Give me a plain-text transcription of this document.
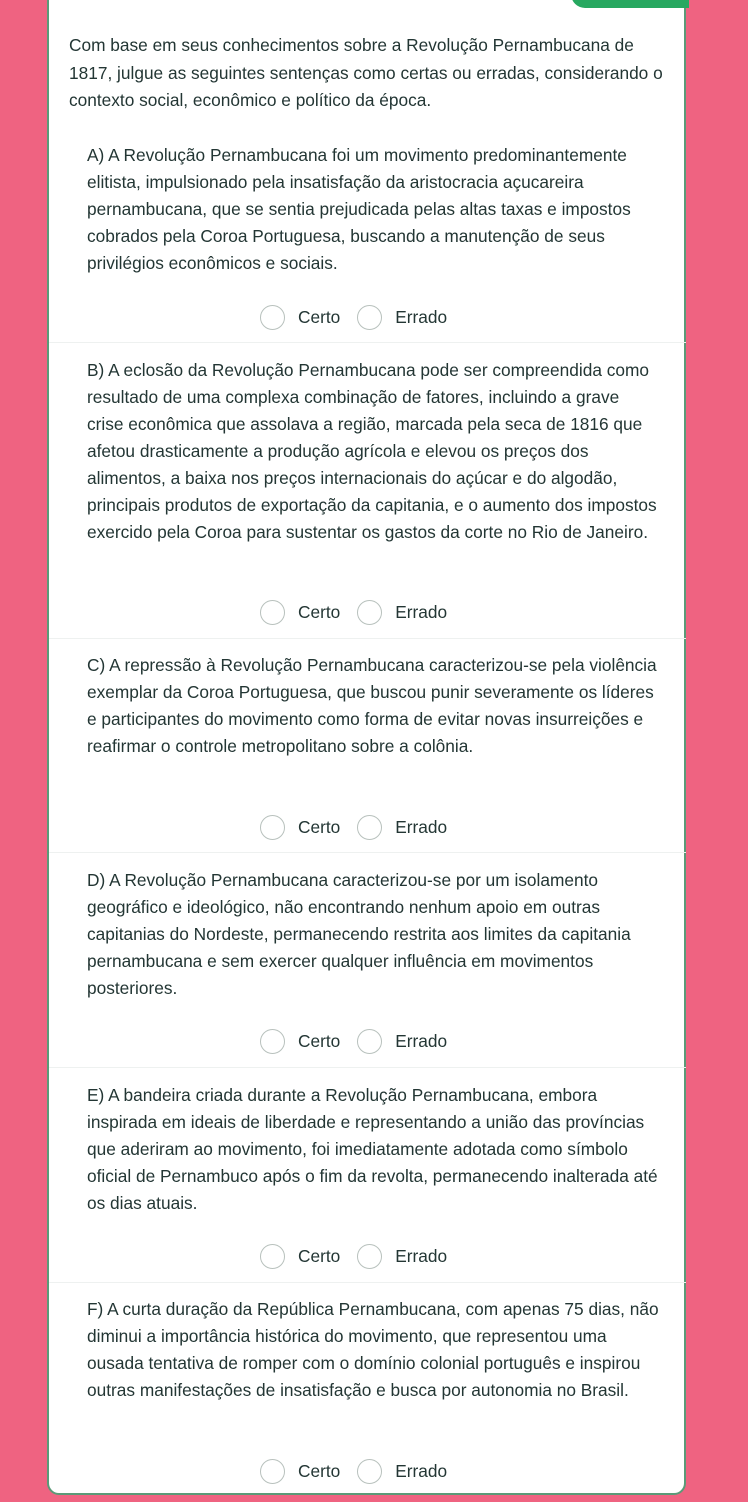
Com base em seus conhecimentos sobre a Revolução Pernambucana de 1817, julgue as seguintes sentenças como certas ou erradas, considerando o contexto social, econômico e político da época.

A) A Revolução Pernambucana foi um movimento predominantemente elitista, impulsionado pela insatisfação da aristocracia açucareira pernambucana, que se sentia prejudicada pelas altas taxas e impostos cobrados pela Coroa Portuguesa, buscando a manutenção de seus privilégios econômicos e sociais.

Certo	Errado

B) A eclosão da Revolução Pernambucana pode ser compreendida como resultado de uma complexa combinação de fatores, incluindo a grave crise econômica que assolava a região, marcada pela seca de 1816 que afetou drasticamente a produção agrícola e elevou os preços dos alimentos, a baixa nos preços internacionais do açúcar e do algodão, principais produtos de exportação da capitania, e o aumento dos impostos exercido pela Coroa para sustentar os gastos da corte no Rio de Janeiro.

Certo	Errado

C) A repressão à Revolução Pernambucana caracterizou-se pela violência exemplar da Coroa Portuguesa, que buscou punir severamente os líderes e participantes do movimento como forma de evitar novas insurreições e reafirmar o controle metropolitano sobre a colônia.

Certo	Errado

D) A Revolução Pernambucana caracterizou-se por um isolamento geográfico e ideológico, não encontrando nenhum apoio em outras capitanias do Nordeste, permanecendo restrita aos limites da capitania pernambucana e sem exercer qualquer influência em movimentos posteriores.

Certo	Errado

E) A bandeira criada durante a Revolução Pernambucana, embora inspirada em ideais de liberdade e representando a união das províncias que aderiram ao movimento, foi imediatamente adotada como símbolo oficial de Pernambuco após o fim da revolta, permanecendo inalterada até os dias atuais.

Certo	Errado

F) A curta duração da República Pernambucana, com apenas 75 dias, não diminui a importância histórica do movimento, que representou uma ousada tentativa de romper com o domínio colonial português e inspirou outras manifestações de insatisfação e busca por autonomia no Brasil.

Certo	Errado
